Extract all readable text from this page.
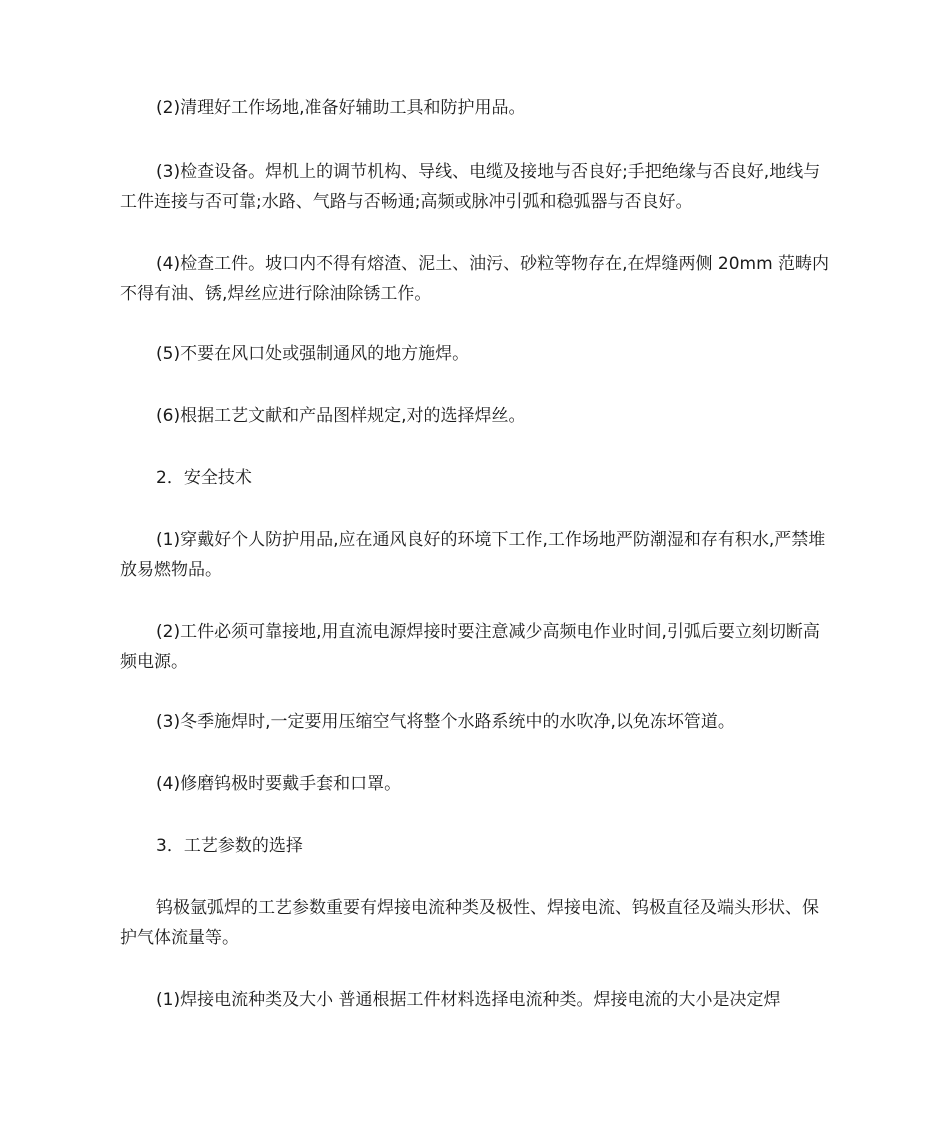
(2)清理好工作场地,准备好辅助工具和防护用品。

(3)检查设备。焊机上的调节机构、导线、电缆及接地与否良好;手把绝缘与否良好,地线与工件连接与否可靠;水路、气路与否畅通;高频或脉冲引弧和稳弧器与否良好。

(4)检查工件。坡口内不得有熔渣、泥土、油污、砂粒等物存在,在焊缝两侧 20mm 范畴内不得有油、锈,焊丝应进行除油除锈工作。

(5)不要在风口处或强制通风的地方施焊。

(6)根据工艺文献和产品图样规定,对的选择焊丝。

2．安全技术

(1)穿戴好个人防护用品,应在通风良好的环境下工作,工作场地严防潮湿和存有积水,严禁堆放易燃物品。

(2)工件必须可靠接地,用直流电源焊接时要注意减少高频电作业时间,引弧后要立刻切断高频电源。

(3)冬季施焊时,一定要用压缩空气将整个水路系统中的水吹净,以免冻坏管道。

(4)修磨钨极时要戴手套和口罩。

3．工艺参数的选择

钨极氩弧焊的工艺参数重要有焊接电流种类及极性、焊接电流、钨极直径及端头形状、保护气体流量等。

(1)焊接电流种类及大小 普通根据工件材料选择电流种类。焊接电流的大小是决定焊
